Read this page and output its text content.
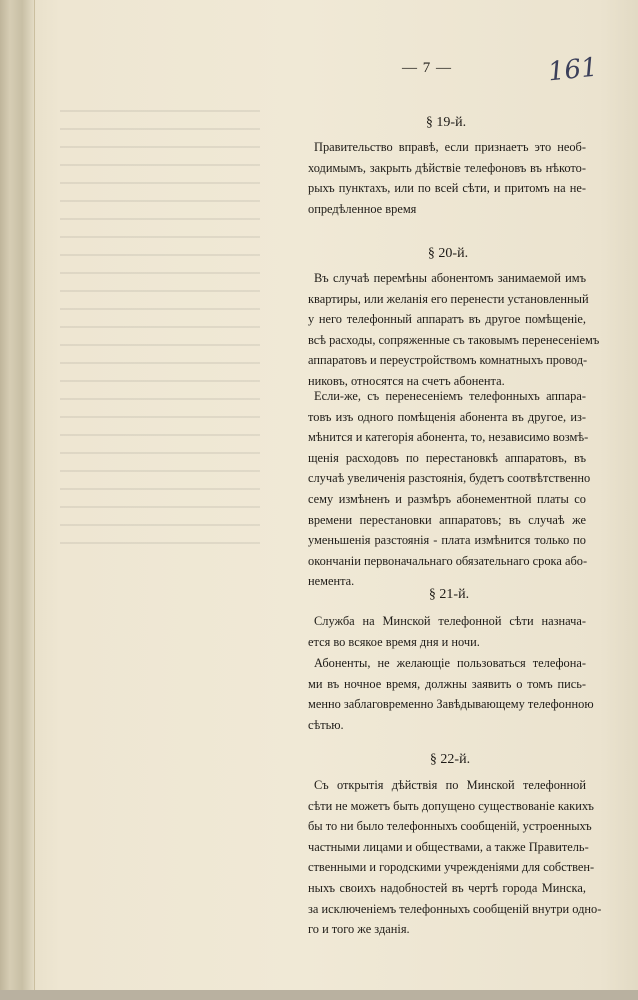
— 7 —	161
§ 19-й.
Правительство вправѣ, если признаетъ это необ-
ходимымъ, закрыть дѣйствіе телефоновъ въ нѣкото-
рыхъ пунктахъ, или по всей сѣти, и притомъ на не-
опредѣленное время
§ 20-й.
Въ случаѣ перемѣны абонентомъ занимаемой имъ
квартиры, или желанія его перенести установленный
у него телефонный аппаратъ въ другое помѣщеніе,
всѣ расходы, сопряженные съ таковымъ перенесеніемъ
аппаратовъ и переустройствомъ комнатныхъ провод-
никовъ, относятся на счетъ абонента.
Если-же, съ перенесеніемъ телефонныхъ аппара-
товъ изъ одного помѣщенія абонента въ другое, из-
мѣнится и категорія абонента, то, независимо возмѣ-
щенія расходовъ по перестановкѣ аппаратовъ, въ
случаѣ увеличенія разстоянія, будетъ соотвѣтственно
сему измѣненъ и размѣръ абонементной платы со
времени перестановки аппаратовъ; въ случаѣ же
уменьшенія разстоянія - плата измѣнится только по
окончаніи первоначальнаго обязательнаго срока або-
немента.
§ 21-й.
Служба на Минской телефонной сѣти назнача-
ется во всякое время дня и ночи.
Абоненты, не желающіе пользоваться телефона-
ми въ ночное время, должны заявить о томъ пись-
менно заблаговременно Завѣдывающему телефонною
сѣтью.
§ 22-й.
Съ открытія дѣйствія по Минской телефонной
сѣти не можетъ быть допущено существованіе какихъ
бы то ни было телефонныхъ сообщеній, устроенныхъ
частными лицами и обществами, а также Правитель-
ственными и городскими учрежденіями для собствен-
ныхъ своихъ надобностей въ чертѣ города Минска,
за исключеніемъ телефонныхъ сообщеній внутри одно-
го и того же зданія.
